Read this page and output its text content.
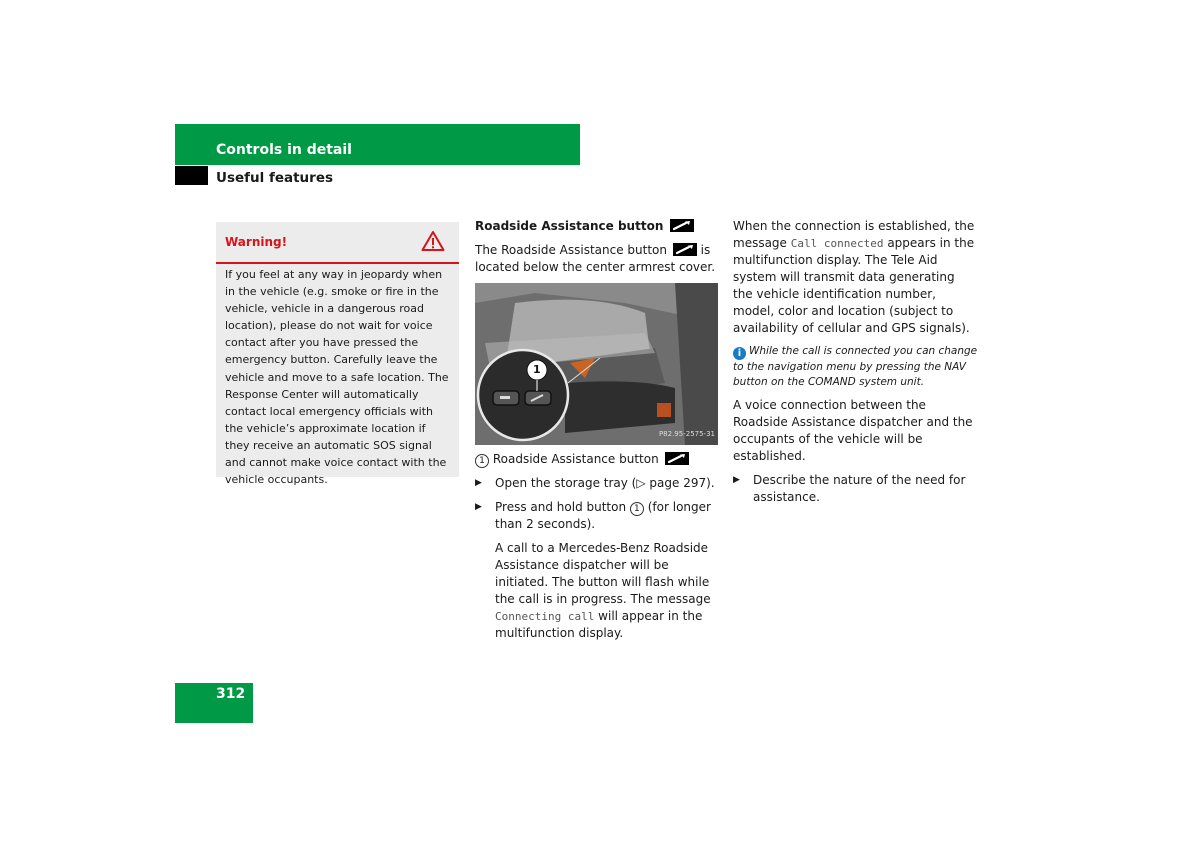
Controls in detail
Useful features
Warning!
If you feel at any way in jeopardy when in the vehicle (e.g. smoke or fire in the vehicle, vehicle in a dangerous road location), please do not wait for voice contact after you have pressed the emergency button. Carefully leave the vehicle and move to a safe location. The Response Center will automatically contact local emergency officials with the vehicle’s approximate location if they receive an automatic SOS signal and cannot make voice contact with the vehicle occupants.

Roadside Assistance button

The Roadside Assistance button	is located below the center armrest cover.

1
P82.95-2575-31

1 Roadside Assistance button

▶ Open the storage tray (▷ page 297).
▶ Press and hold button 1 (for longer than 2 seconds).

A call to a Mercedes-Benz Roadside Assistance dispatcher will be initiated. The button will flash while the call is in progress. The message Connecting call will appear in the multifunction display.

When the connection is established, the message Call connected appears in the multifunction display. The Tele Aid system will transmit data generating the vehicle identification number, model, color and location (subject to availability of cellular and GPS signals).

i While the call is connected you can change to the navigation menu by pressing the NAV button on the COMAND system unit.

A voice connection between the Roadside Assistance dispatcher and the occupants of the vehicle will be established.

▶ Describe the nature of the need for assistance.
312
